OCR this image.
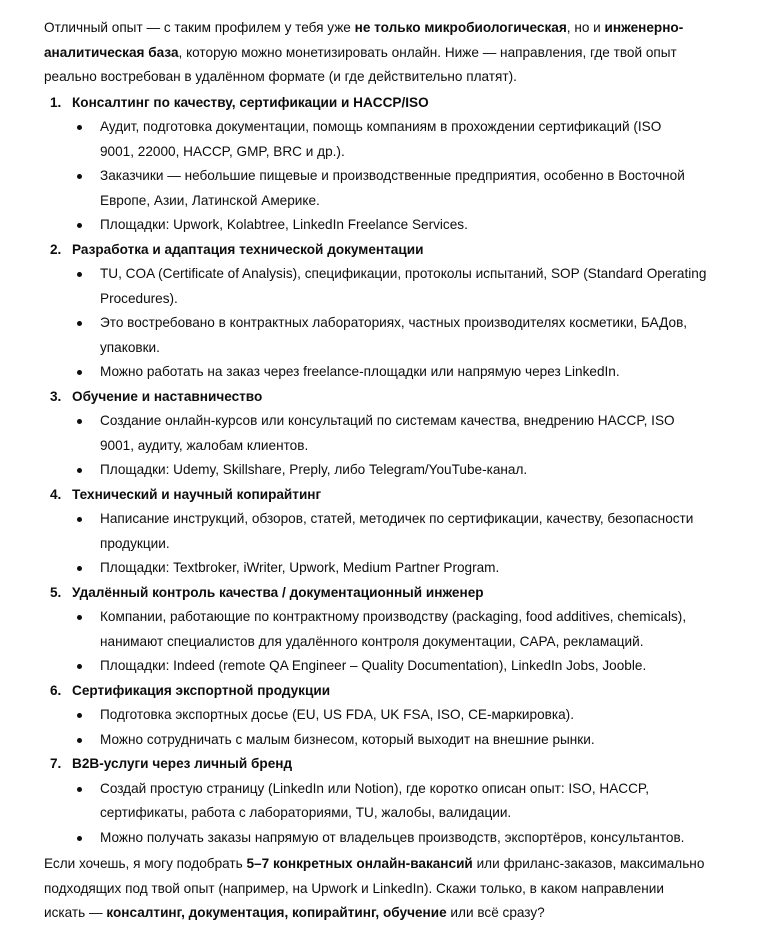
Отличный опыт — с таким профилем у тебя уже не только микробиологическая, но и инженерно-
аналитическая база, которую можно монетизировать онлайн. Ниже — направления, где твой опыт
реально востребован в удалённом формате (и где действительно платят).
1. Консалтинг по качеству, сертификации и HACCP/ISO
Аудит, подготовка документации, помощь компаниям в прохождении сертификаций (ISO
9001, 22000, HACCP, GMP, BRC и др.).
Заказчики — небольшие пищевые и производственные предприятия, особенно в Восточной
Европе, Азии, Латинской Америке.
Площадки: Upwork, Kolabtree, LinkedIn Freelance Services.
2. Разработка и адаптация технической документации
TU, COA (Certificate of Analysis), спецификации, протоколы испытаний, SOP (Standard Operating
Procedures).
Это востребовано в контрактных лабораториях, частных производителях косметики, БАДов,
упаковки.
Можно работать на заказ через freelance-площадки или напрямую через LinkedIn.
3. Обучение и наставничество
Создание онлайн-курсов или консультаций по системам качества, внедрению HACCP, ISO
9001, аудиту, жалобам клиентов.
Площадки: Udemy, Skillshare, Preply, либо Telegram/YouTube-канал.
4. Технический и научный копирайтинг
Написание инструкций, обзоров, статей, методичек по сертификации, качеству, безопасности
продукции.
Площадки: Textbroker, iWriter, Upwork, Medium Partner Program.
5. Удалённый контроль качества / документационный инженер
Компании, работающие по контрактному производству (packaging, food additives, chemicals),
нанимают специалистов для удалённого контроля документации, CAPA, рекламаций.
Площадки: Indeed (remote QA Engineer – Quality Documentation), LinkedIn Jobs, Jooble.
6. Сертификация экспортной продукции
Подготовка экспортных досье (EU, US FDA, UK FSA, ISO, CE-маркировка).
Можно сотрудничать с малым бизнесом, который выходит на внешние рынки.
7. B2B-услуги через личный бренд
Создай простую страницу (LinkedIn или Notion), где коротко описан опыт: ISO, HACCP,
сертификаты, работа с лабораториями, TU, жалобы, валидации.
Можно получать заказы напрямую от владельцев производств, экспортёров, консультантов.
Если хочешь, я могу подобрать 5–7 конкретных онлайн-вакансий или фриланс-заказов, максимально
подходящих под твой опыт (например, на Upwork и LinkedIn). Скажи только, в каком направлении
искать — консалтинг, документация, копирайтинг, обучение или всё сразу?
